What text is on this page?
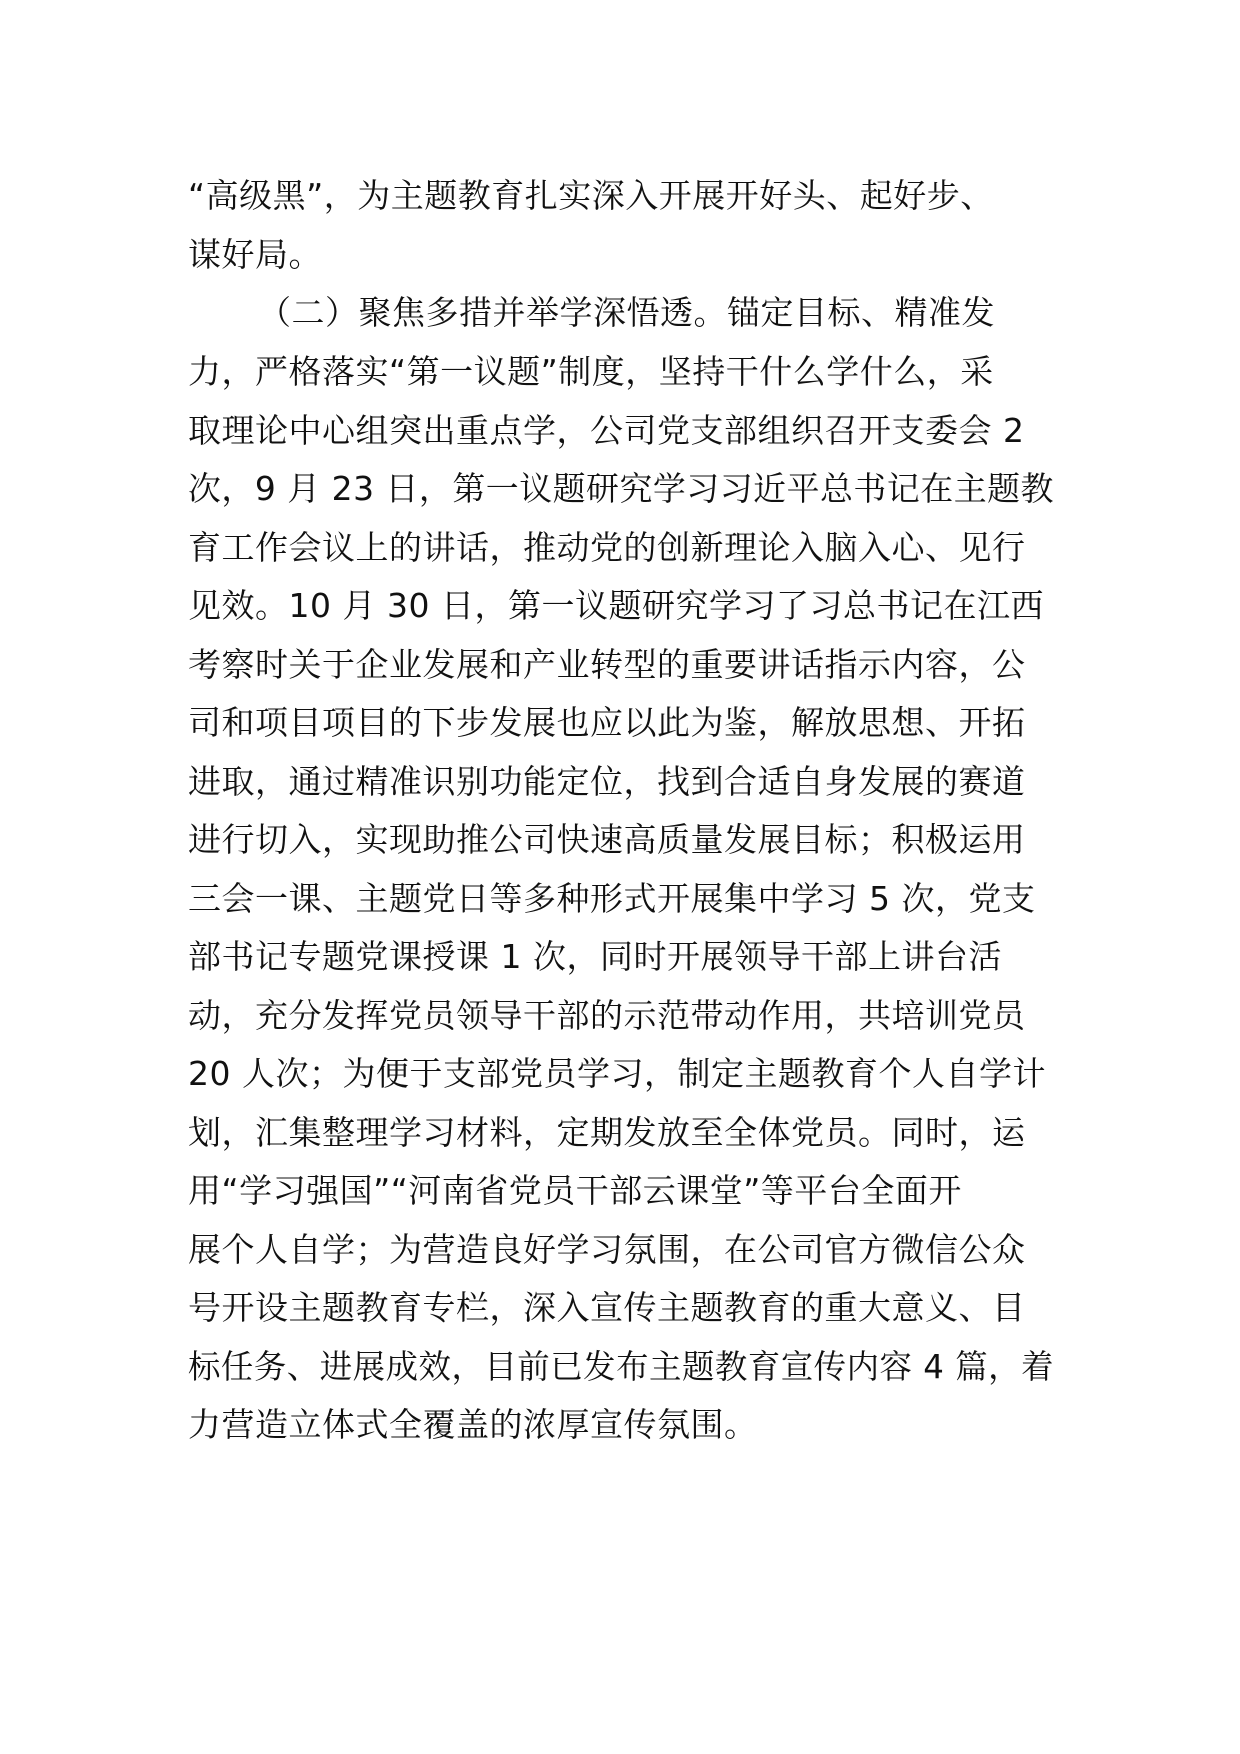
“高级黑”，为主题教育扎实深入开展开好头、起好步、
谋好局。
（二）聚焦多措并举学深悟透。锚定目标、精准发
力，严格落实“第一议题”制度，坚持干什么学什么，采
取理论中心组突出重点学，公司党支部组织召开支委会 2
次，9 月 23 日，第一议题研究学习习近平总书记在主题教
育工作会议上的讲话，推动党的创新理论入脑入心、见行
见效。10 月 30 日，第一议题研究学习了习总书记在江西
考察时关于企业发展和产业转型的重要讲话指示内容，公
司和项目项目的下步发展也应以此为鉴，解放思想、开拓
进取，通过精准识别功能定位，找到合适自身发展的赛道
进行切入，实现助推公司快速高质量发展目标；积极运用
三会一课、主题党日等多种形式开展集中学习 5 次，党支
部书记专题党课授课 1 次，同时开展领导干部上讲台活
动，充分发挥党员领导干部的示范带动作用，共培训党员
20 人次；为便于支部党员学习，制定主题教育个人自学计
划，汇集整理学习材料，定期发放至全体党员。同时，运
用“学习强国”“河南省党员干部云课堂”等平台全面开
展个人自学；为营造良好学习氛围，在公司官方微信公众
号开设主题教育专栏，深入宣传主题教育的重大意义、目
标任务、进展成效，目前已发布主题教育宣传内容 4 篇，着
力营造立体式全覆盖的浓厚宣传氛围。
